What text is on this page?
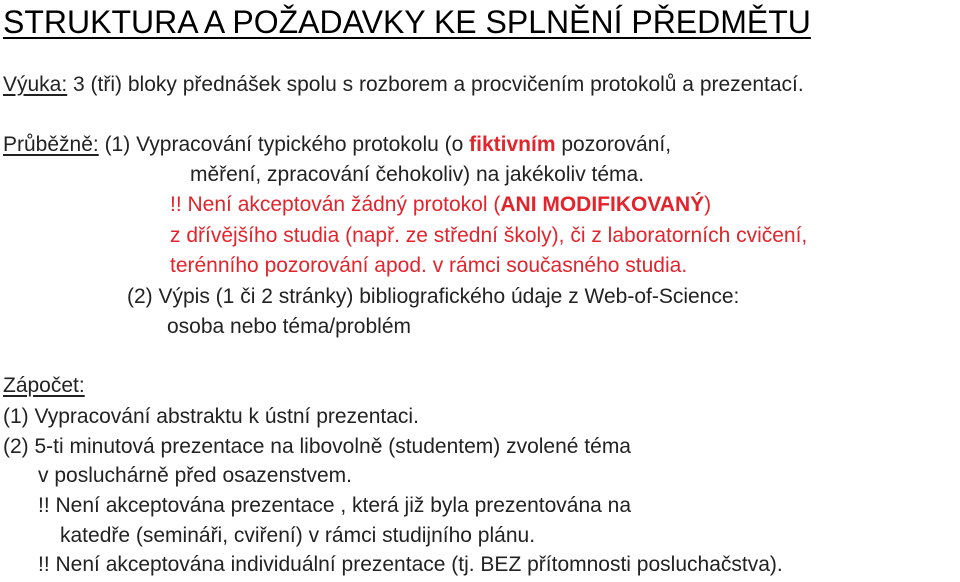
STRUKTURA A POŽADAVKY KE SPLNĚNÍ PŘEDMĚTU
Výuka: 3 (tři) bloky přednášek spolu s rozborem a procvičením protokolů a prezentací.
Průběžně: (1) Vypracování typického protokolu (o fiktivním pozorování,
měření, zpracování čehokoliv) na jakékoliv téma.
!! Není akceptován žádný protokol (ANI MODIFIKOVANÝ)
z dřívějšího studia (např. ze střední školy), či z laboratorních cvičení,
terénního pozorování apod. v rámci současného studia.
(2) Výpis (1 či 2 stránky) bibliografického údaje z Web-of-Science:
osoba nebo téma/problém
Zápočet:
(1) Vypracování abstraktu k ústní prezentaci.
(2) 5-ti minutová prezentace na libovolně (studentem) zvolené téma
v posluchárně před osazenstvem.
!! Není akceptována prezentace , která již byla prezentována na
katedře (semináři, cviření) v rámci studijního plánu.
!! Není akceptována individuální prezentace (tj. BEZ přítomnosti posluchačstva).
